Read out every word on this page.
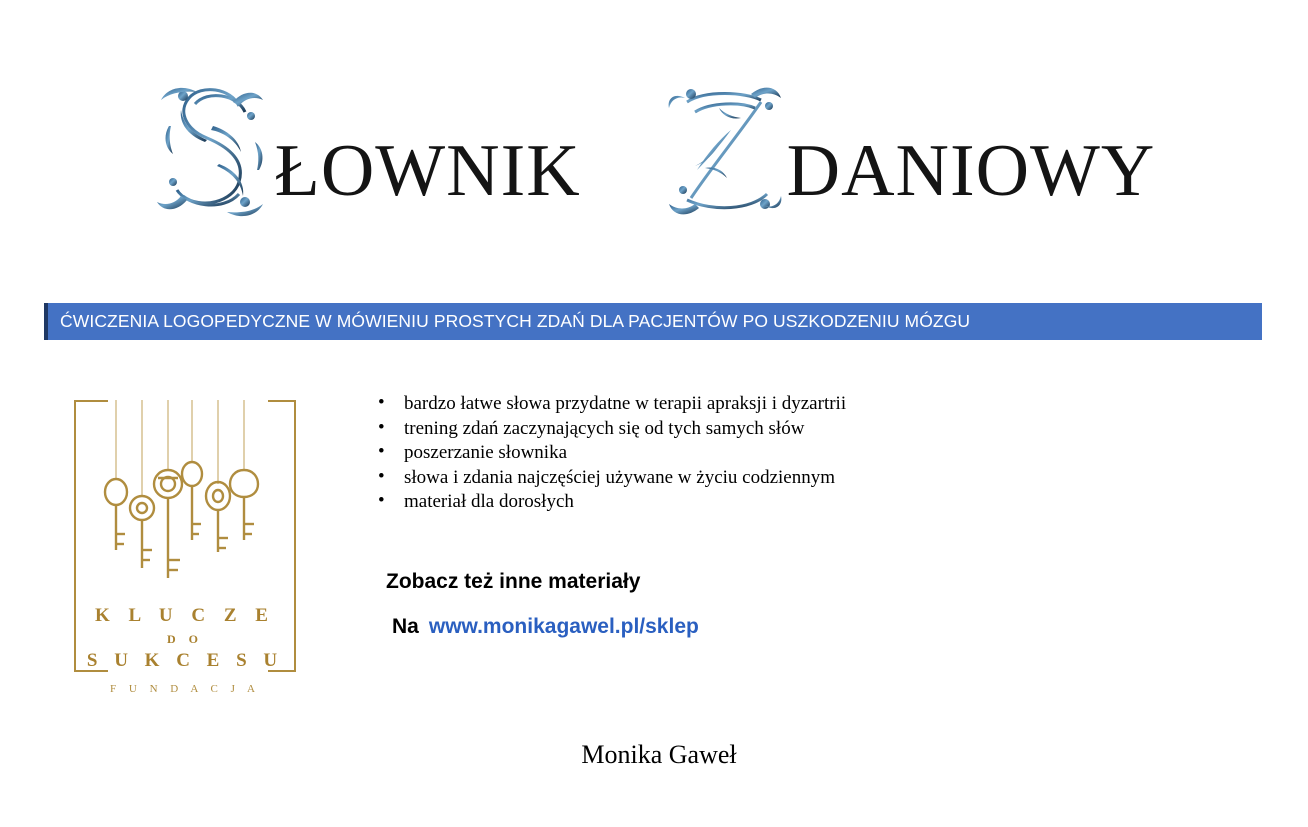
ŁOWNIK	DANIOWY
ĆWICZENIA LOGOPEDYCZNE W MÓWIENIU PROSTYCH ZDAŃ DLA PACJENTÓW PO USZKODZENIU MÓZGU
K L U C Z E
D O
S U K C E S U
F U N D A C J A
• bardzo łatwe słowa przydatne w terapii apraksji i dyzartrii
• trening zdań zaczynających się od tych samych słów
• poszerzanie słownika
• słowa i zdania najczęściej używane w życiu codziennym
• materiał dla dorosłych
Zobacz też inne materiały
Na www.monikagawel.pl/sklep
Monika Gaweł
